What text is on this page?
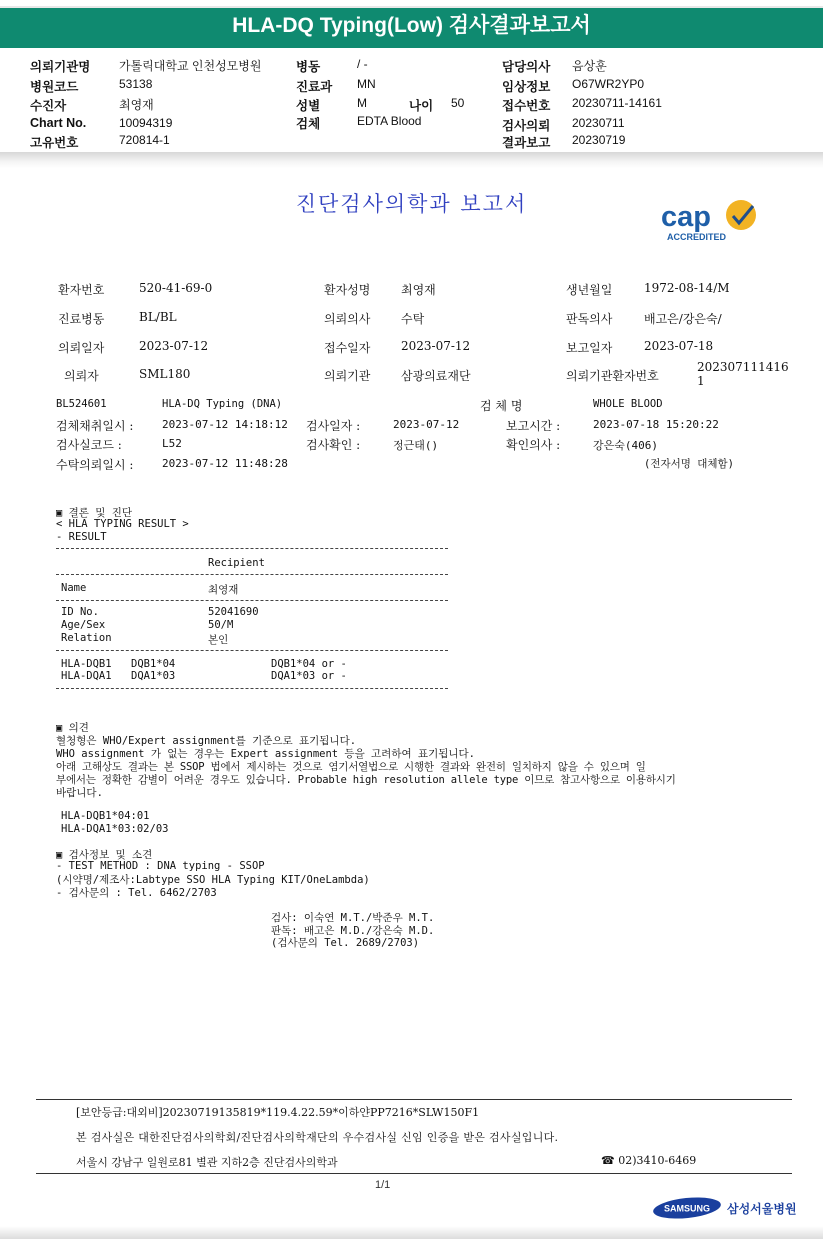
HLA-DQ Typing(Low) 검사결과보고서
의뢰기관명 가톨릭대학교 인천성모병원	병동	/ -	담당의사 음상훈
병원코드	53138	진료과 MN	임상정보 O67WR2YP0
수진자	최영재	성별	M	나이 50	접수번호 20230711-14161
Chart No.	10094319	검체	EDTA Blood	검사의뢰 20230711
고유번호	720814-1	결과보고 20230719
진단검사의학과 보고서	cap
ACCREDITED
환자번호	520-41-69-0	환자성명	최영재	생년월일	1972-08-14/M
진료병동	BL/BL	의뢰의사	수탁	판독의사	배고은/강은숙/
의뢰일자	2023-07-12	접수일자	2023-07-12	보고일자	2023-07-18
의뢰자	SML180	의뢰기관	삼광의료재단	의뢰기관환자번호
202307111416
1
BL524601	HLA-DQ Typing (DNA)	검 체 명	WHOLE BLOOD
검체채취일시 :	2023-07-12 14:18:12 검사일자 :	2023-07-12	보고시간 :	2023-07-18 15:20:22
검사실코드 :	L52	검사확인 :	정근태()	확인의사 :	강은숙(406)
수탁의뢰일시 :	2023-07-12 11:48:28	(전자서명 대체함)
▣ 결론 및 진단
< HLA TYPING RESULT >
- RESULT
Recipient
Name	최영재
ID No.	52041690
Age/Sex	50/M
Relation	본인
HLA-DQB1 DQB1*04	DQB1*04 or -
HLA-DQA1 DQA1*03	DQA1*03 or -
▣ 의견
혈청형은 WHO/Expert assignment를 기준으로 표기됩니다.
WHO assignment 가 없는 경우는 Expert assignment 등을 고려하여 표기됩니다.
아래 고해상도 결과는 본 SSOP 법에서 제시하는 것으로 염기서열법으로 시행한 결과와 완전히 일치하지 않을 수 있으며 일
부에서는 정확한 감별이 어려운 경우도 있습니다. Probable high resolution allele type 이므로 참고사항으로 이용하시기
바랍니다.
HLA-DQB1*04:01
HLA-DQA1*03:02/03
▣ 검사정보 및 소견
- TEST METHOD : DNA typing - SSOP
(시약명/제조사:Labtype SSO HLA Typing KIT/OneLambda)
- 검사문의 : Tel. 6462/2703
검사: 이숙연 M.T./박준우 M.T.
판독: 배고은 M.D./강은숙 M.D.
(검사문의 Tel. 2689/2703)
[보안등급:대외비]20230719135819*119.4.22.59*이하얀PP7216*SLW150F1
본 검사실은 대한진단검사의학회/진단검사의학재단의 우수검사실 신임 인증을 받은 검사실입니다.
서울시 강남구 일원로81 별관 지하2층 진단검사의학과	☎ 02)3410-6469
1/1
SAMSUNG 삼성서울병원
